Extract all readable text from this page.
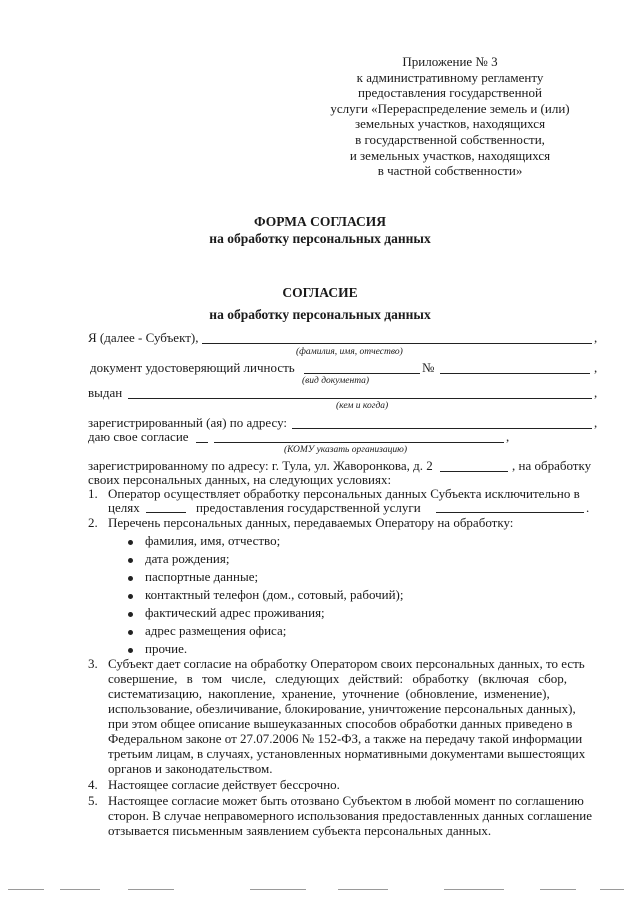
Приложение № 3
к административному регламенту
предоставления государственной
услуги «Перераспределение земель и (или)
земельных участков, находящихся
в государственной собственности,
и земельных участков, находящихся
в частной собственности»
ФОРМА СОГЛАСИЯ
на обработку персональных данных
СОГЛАСИЕ
на обработку персональных данных
Я (далее - Субъект),	,
(фамилия, имя, отчество)
документ удостоверяющий личность	№	,
(вид документа)
выдан	,
(кем и когда)
зарегистрированный (ая) по адресу:	,
даю свое согласие	,
(КОМУ указать организацию)
зарегистрированному по адресу: г. Тула, ул. Жаворонкова, д. 2	, на обработку
своих персональных данных, на следующих условиях:
1. Оператор осуществляет обработку персональных данных Субъекта исключительно в
целях	предоставления государственной услуги	.
2. Перечень персональных данных, передаваемых Оператору на обработку:
фамилия, имя, отчество;
дата рождения;
паспортные данные;
контактный телефон (дом., сотовый, рабочий);
фактический адрес проживания;
адрес размещения офиса;
прочие.
3. Субъект дает согласие на обработку Оператором своих персональных данных, то есть
совершение, в том числе, следующих действий: обработку (включая сбор,
систематизацию, накопление, хранение, уточнение (обновление, изменение),
использование, обезличивание, блокирование, уничтожение персональных данных),
при этом общее описание вышеуказанных способов обработки данных приведено в
Федеральном законе от 27.07.2006 № 152-ФЗ, а также на передачу такой информации
третьим лицам, в случаях, установленных нормативными документами вышестоящих
органов и законодательством.
4. Настоящее согласие действует бессрочно.
5. Настоящее согласие может быть отозвано Субъектом в любой момент по соглашению
сторон. В случае неправомерного использования предоставленных данных соглашение
отзывается письменным заявлением субъекта персональных данных.
